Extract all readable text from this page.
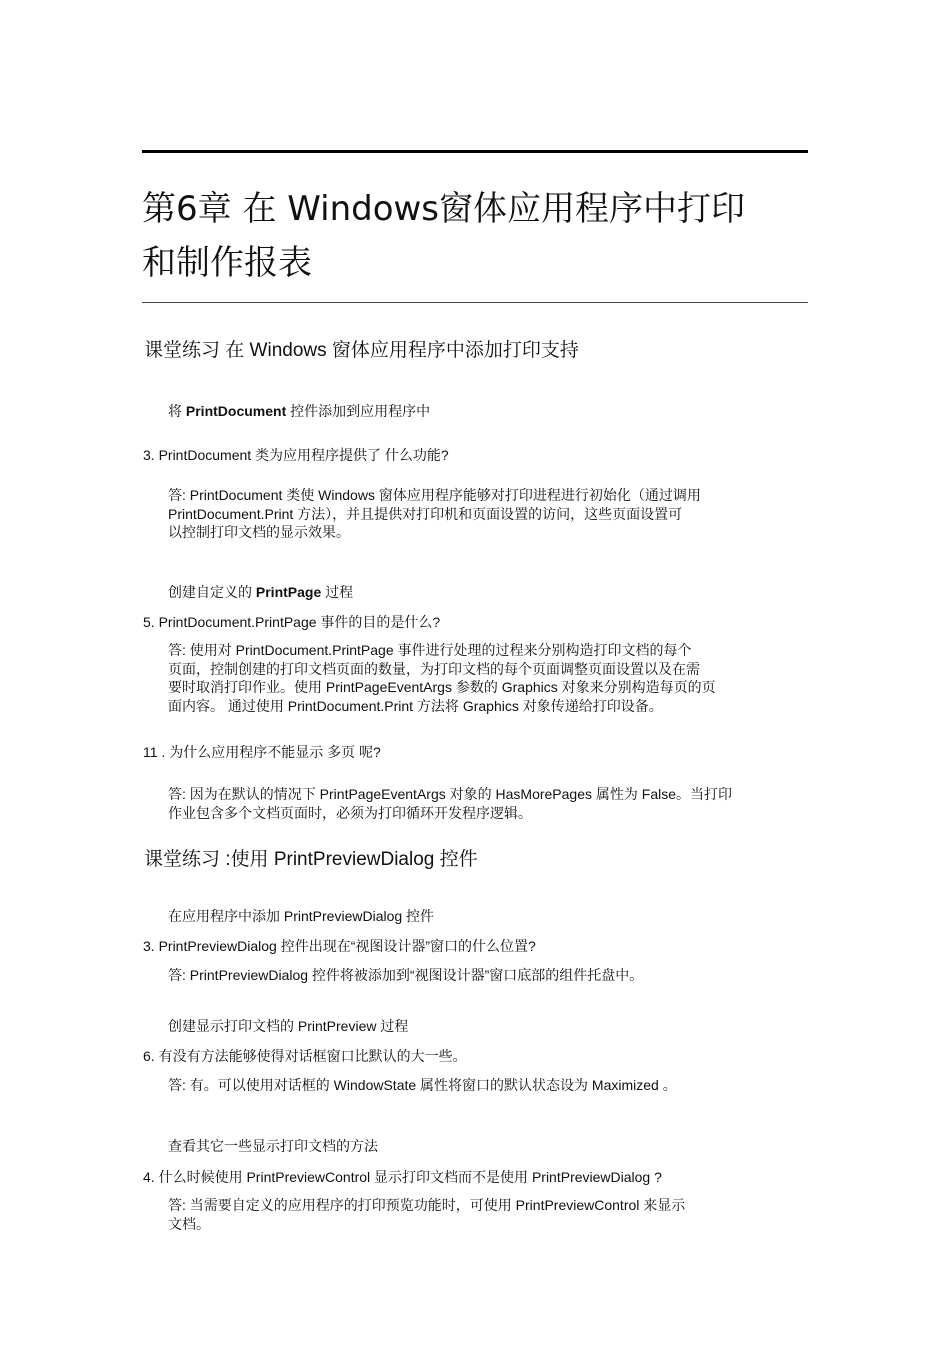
第6章 在 Windows窗体应用程序中打印
和制作报表
课堂练习 在 Windows 窗体应用程序中添加打印支持

将 PrintDocument 控件添加到应用程序中

3. PrintDocument 类为应用程序提供了 什么功能?

答: PrintDocument 类使 Windows 窗体应用程序能够对打印进程进行初始化（通过调用
PrintDocument.Print 方法），并且提供对打印机和页面设置的访问，这些页面设置可
以控制打印文档的显示效果。

创建自定义的 PrintPage 过程

5. PrintDocument.PrintPage 事件的目的是什么?

答: 使用对 PrintDocument.PrintPage 事件进行处理的过程来分别构造打印文档的每个
页面，控制创建的打印文档页面的数量，为打印文档的每个页面调整页面设置以及在需
要时取消打印作业。使用 PrintPageEventArgs 参数的 Graphics 对象来分别构造每页的页
面内容。 通过使用 PrintDocument.Print 方法将 Graphics 对象传递给打印设备。

11 . 为什么应用程序不能显示 多页 呢?

答: 因为在默认的情况下 PrintPageEventArgs 对象的 HasMorePages 属性为 False。当打印
作业包含多个文档页面时，必须为打印循环开发程序逻辑。
课堂练习 :使用 PrintPreviewDialog 控件

在应用程序中添加 PrintPreviewDialog 控件

3. PrintPreviewDialog 控件出现在“视图设计器”窗口的什么位置?

答: PrintPreviewDialog 控件将被添加到“视图设计器”窗口底部的组件托盘中。

创建显示打印文档的 PrintPreview 过程

6. 有没有方法能够使得对话框窗口比默认的大一些。

答: 有。可以使用对话框的 WindowState 属性将窗口的默认状态设为 Maximized 。

查看其它一些显示打印文档的方法

4. 什么时候使用 PrintPreviewControl 显示打印文档而不是使用 PrintPreviewDialog ?

答: 当需要自定义的应用程序的打印预览功能时，可使用 PrintPreviewControl 来显示
文档。
